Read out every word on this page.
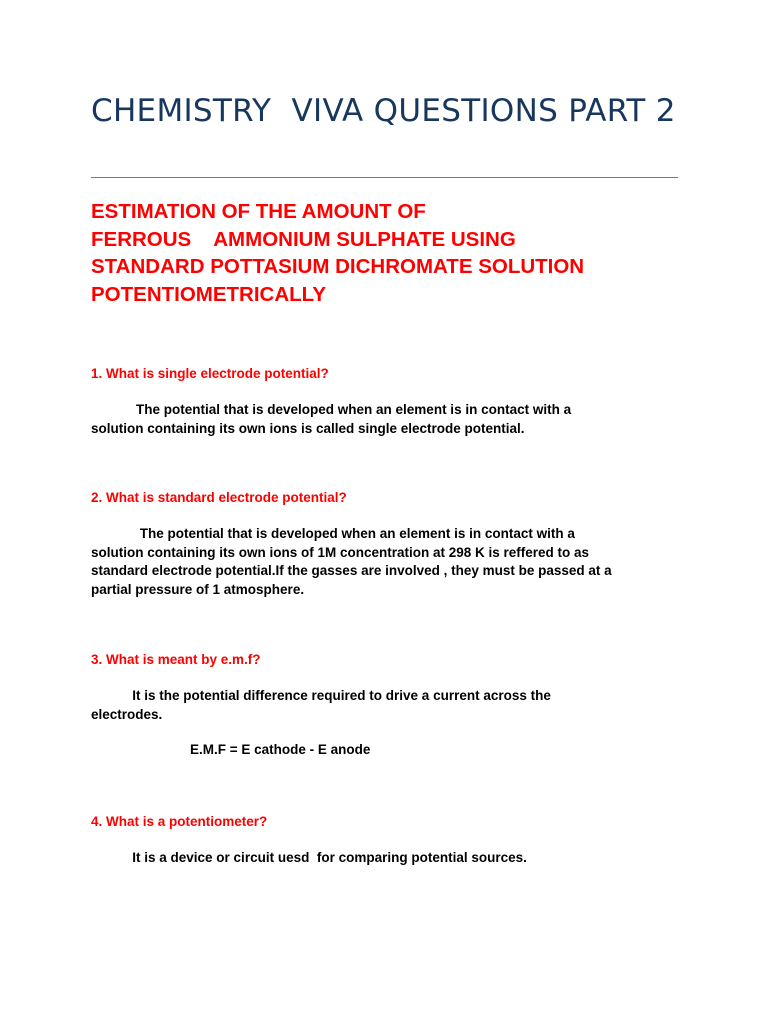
CHEMISTRY  VIVA QUESTIONS PART 2
ESTIMATION OF THE AMOUNT OF
FERROUS    AMMONIUM SULPHATE USING
STANDARD POTTASIUM DICHROMATE SOLUTION
POTENTIOMETRICALLY

1. What is single electrode potential?

The potential that is developed when an element is in contact with a
solution containing its own ions is called single electrode potential.

2. What is standard electrode potential?

The potential that is developed when an element is in contact with a
solution containing its own ions of 1M concentration at 298 K is reffered to as
standard electrode potential.If the gasses are involved , they must be passed at a
partial pressure of 1 atmosphere.

3. What is meant by e.m.f?

It is the potential difference required to drive a current across the
electrodes.

E.M.F = E cathode - E anode

4. What is a potentiometer?

It is a device or circuit uesd  for comparing potential sources.
